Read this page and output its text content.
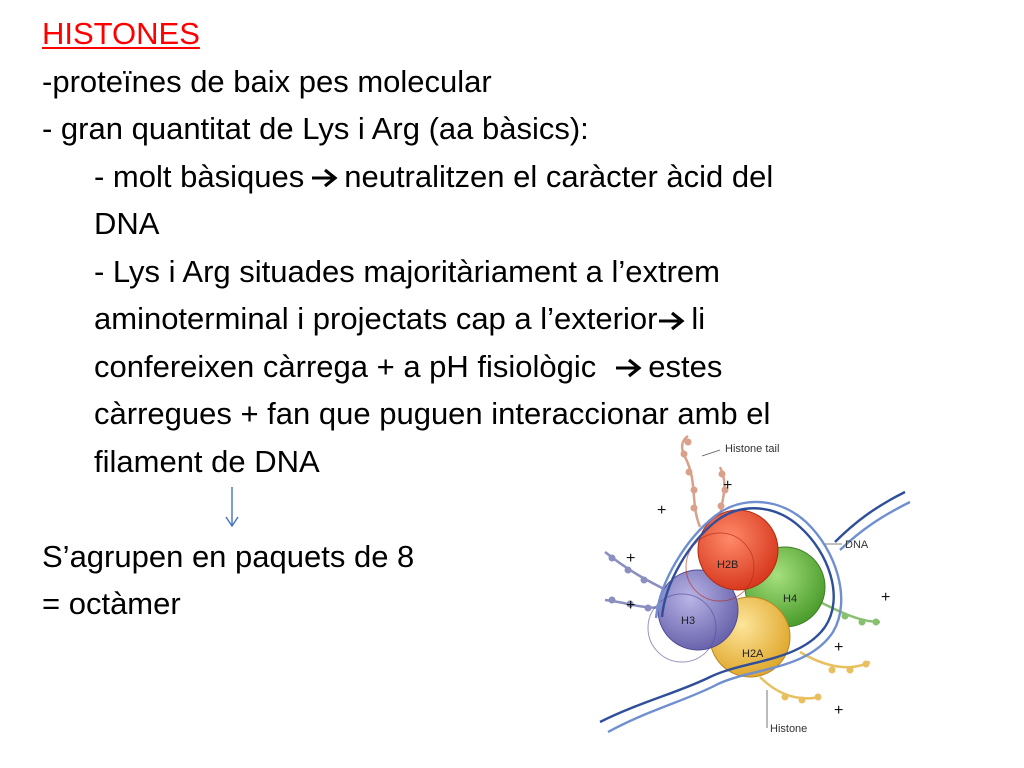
HISTONES
-proteïnes de baix pes molecular
- gran quantitat de Lys i Arg (aa bàsics):
- molt bàsiques neutralitzen el caràcter àcid del
DNA
- Lys i Arg situades majoritàriament a l’extrem
aminoterminal i projectats cap a l’exterior li
confereixen càrrega + a pH fisiològic estes
càrregues + fan que puguen interaccionar amb el
filament de DNA

S’agrupen en paquets de 8
= octàmer
Histone tail
DNA
Histone
H2B
H4
H3
H2A
+
+
+
+	+
+
+
